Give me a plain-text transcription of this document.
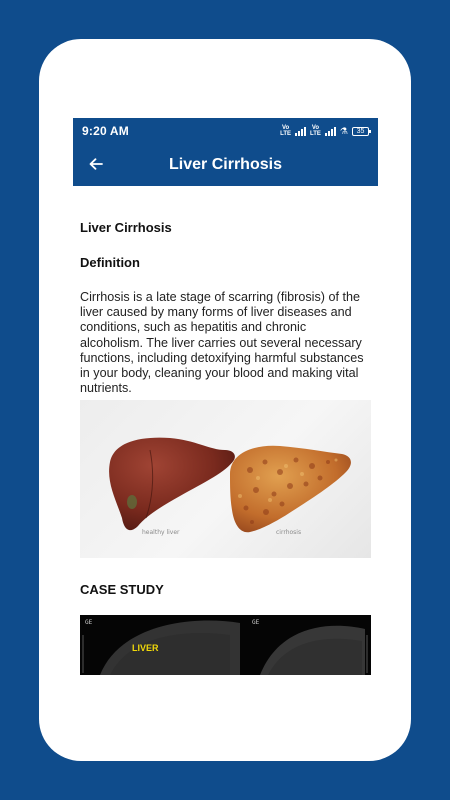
9:20 AM	Vo
LTE
Vo
LTE ⚗	35
Liver Cirrhosis
Liver Cirrhosis
Definition
Cirrhosis is a late stage of scarring (fibrosis) of the liver caused by many forms of liver diseases and conditions, such as hepatitis and chronic alcoholism. The liver carries out several necessary functions, including detoxifying harmful substances in your body, cleaning your blood and making vital nutrients.
healthy liver	cirrhosis
CASE STUDY
GE	GE
LIVER
